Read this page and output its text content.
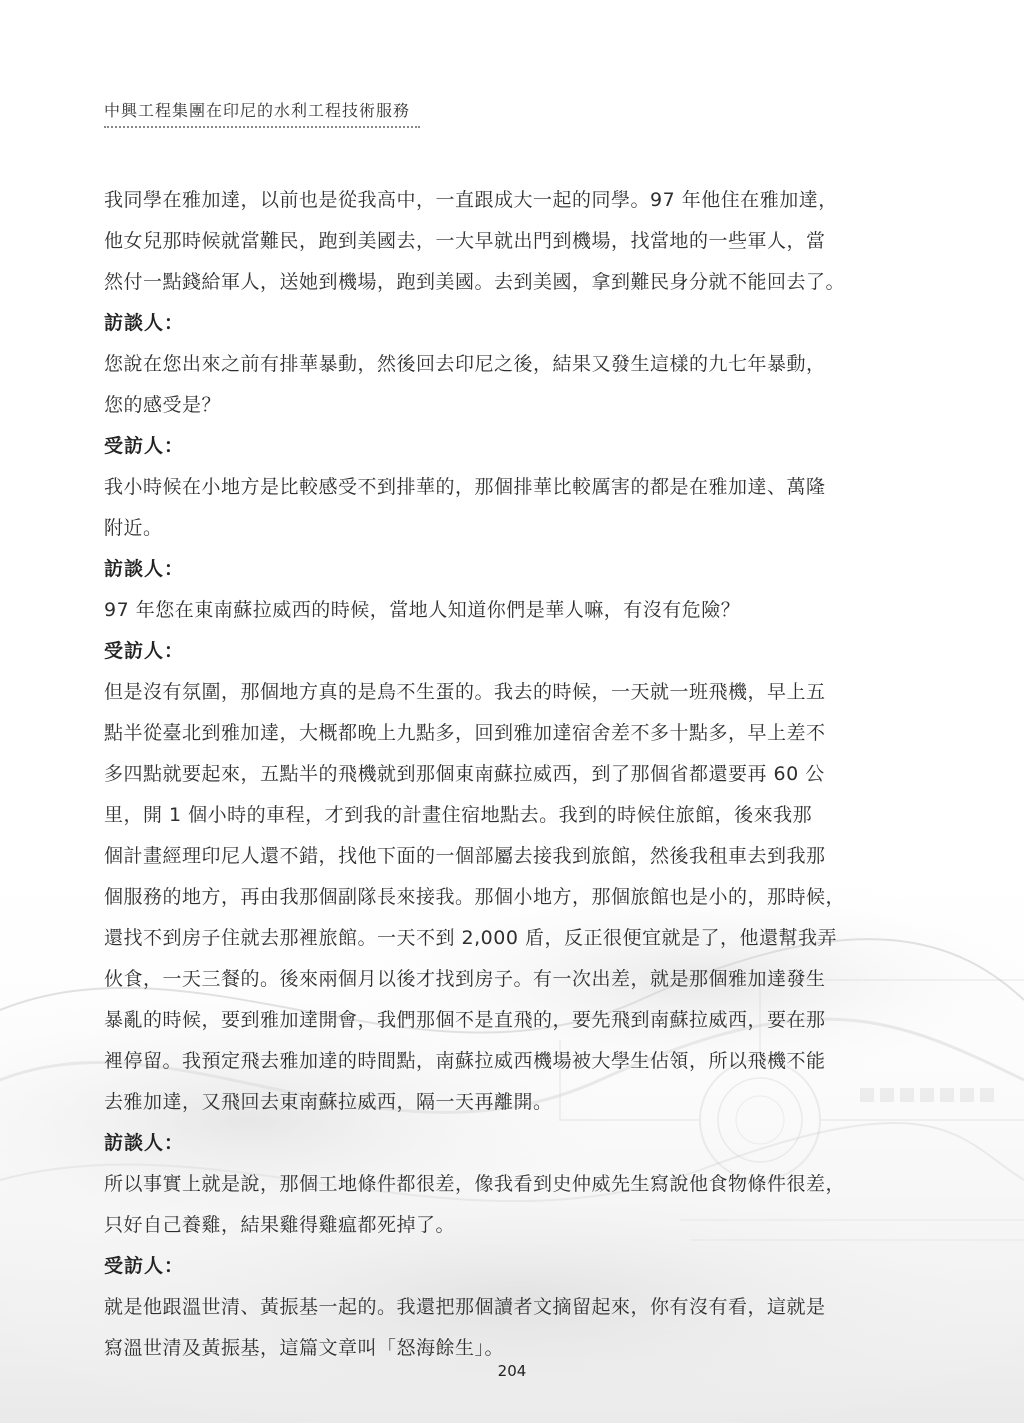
中興工程集團在印尼的水利工程技術服務
我同學在雅加達，以前也是從我高中，一直跟成大一起的同學。97 年他住在雅加達，
他女兒那時候就當難民，跑到美國去，一大早就出門到機場，找當地的一些軍人，當
然付一點錢給軍人，送她到機場，跑到美國。去到美國，拿到難民身分就不能回去了。
訪談人：
您說在您出來之前有排華暴動，然後回去印尼之後，結果又發生這樣的九七年暴動，
您的感受是？
受訪人：
我小時候在小地方是比較感受不到排華的，那個排華比較厲害的都是在雅加達、萬隆
附近。
訪談人：
97 年您在東南蘇拉威西的時候，當地人知道你們是華人嘛，有沒有危險？
受訪人：
但是沒有氛圍，那個地方真的是鳥不生蛋的。我去的時候，一天就一班飛機，早上五
點半從臺北到雅加達，大概都晚上九點多，回到雅加達宿舍差不多十點多，早上差不
多四點就要起來，五點半的飛機就到那個東南蘇拉威西，到了那個省都還要再 60 公
里，開 1 個小時的車程，才到我的計畫住宿地點去。我到的時候住旅館，後來我那
個計畫經理印尼人還不錯，找他下面的一個部屬去接我到旅館，然後我租車去到我那
個服務的地方，再由我那個副隊長來接我。那個小地方，那個旅館也是小的，那時候，
還找不到房子住就去那裡旅館。一天不到 2,000 盾，反正很便宜就是了，他還幫我弄
伙食，一天三餐的。後來兩個月以後才找到房子。有一次出差，就是那個雅加達發生
暴亂的時候，要到雅加達開會，我們那個不是直飛的，要先飛到南蘇拉威西，要在那
裡停留。我預定飛去雅加達的時間點，南蘇拉威西機場被大學生佔領，所以飛機不能
去雅加達，又飛回去東南蘇拉威西，隔一天再離開。
訪談人：
所以事實上就是說，那個工地條件都很差，像我看到史仲威先生寫說他食物條件很差，
只好自己養雞，結果雞得雞瘟都死掉了。
受訪人：
就是他跟溫世清、黃振基一起的。我還把那個讀者文摘留起來，你有沒有看，這就是
寫溫世清及黃振基，這篇文章叫「怒海餘生」。
204
